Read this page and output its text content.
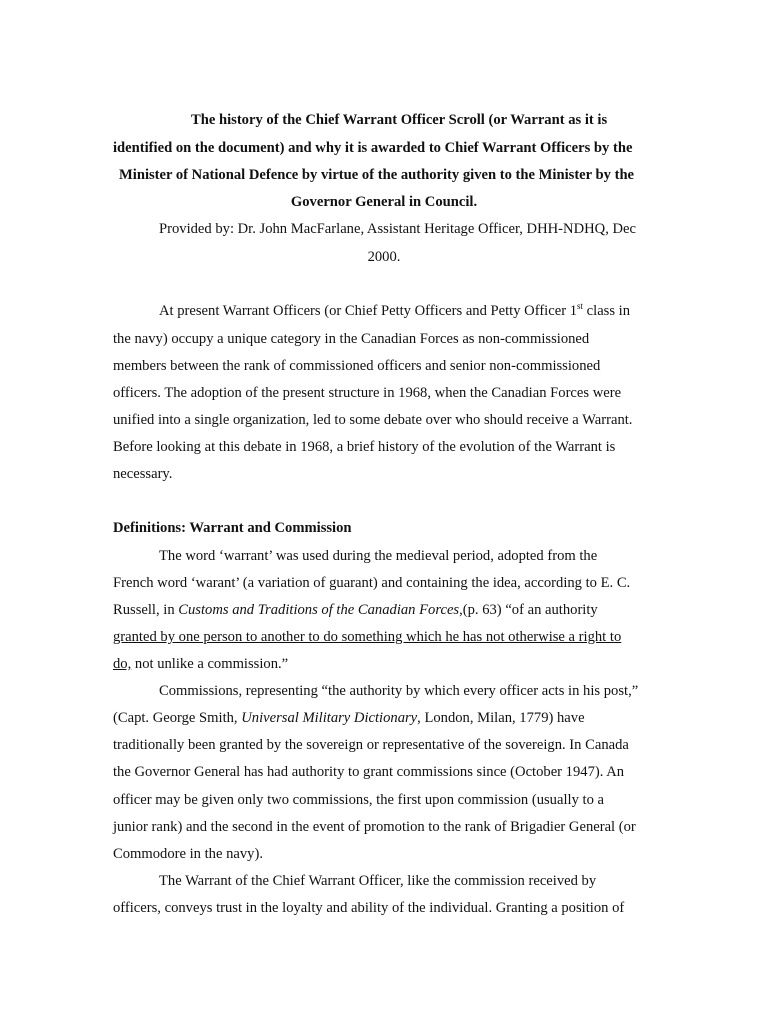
The history of the Chief Warrant Officer Scroll (or Warrant as it is
identified on the document) and why it is awarded to Chief Warrant Officers by the
Minister of National Defence by virtue of the authority given to the Minister by the
Governor General in Council.
Provided by: Dr. John MacFarlane, Assistant Heritage Officer, DHH-NDHQ, Dec
2000.
At present Warrant Officers (or Chief Petty Officers and Petty Officer 1st class in
the navy) occupy a unique category in the Canadian Forces as non-commissioned
members between the rank of commissioned officers and senior non-commissioned
officers. The adoption of the present structure in 1968, when the Canadian Forces were
unified into a single organization, led to some debate over who should receive a Warrant.
Before looking at this debate in 1968, a brief history of the evolution of the Warrant is
necessary.
Definitions: Warrant and Commission
The word ‘warrant’ was used during the medieval period, adopted from the
French word ‘warant’ (a variation of guarant) and containing the idea, according to E. C.
Russell, in Customs and Traditions of the Canadian Forces,(p. 63) “of an authority
granted by one person to another to do something which he has not otherwise a right to
do, not unlike a commission.”
Commissions, representing “the authority by which every officer acts in his post,”
(Capt. George Smith, Universal Military Dictionary, London, Milan, 1779) have
traditionally been granted by the sovereign or representative of the sovereign. In Canada
the Governor General has had authority to grant commissions since (October 1947). An
officer may be given only two commissions, the first upon commission (usually to a
junior rank) and the second in the event of promotion to the rank of Brigadier General (or
Commodore in the navy).
The Warrant of the Chief Warrant Officer, like the commission received by
officers, conveys trust in the loyalty and ability of the individual. Granting a position of
